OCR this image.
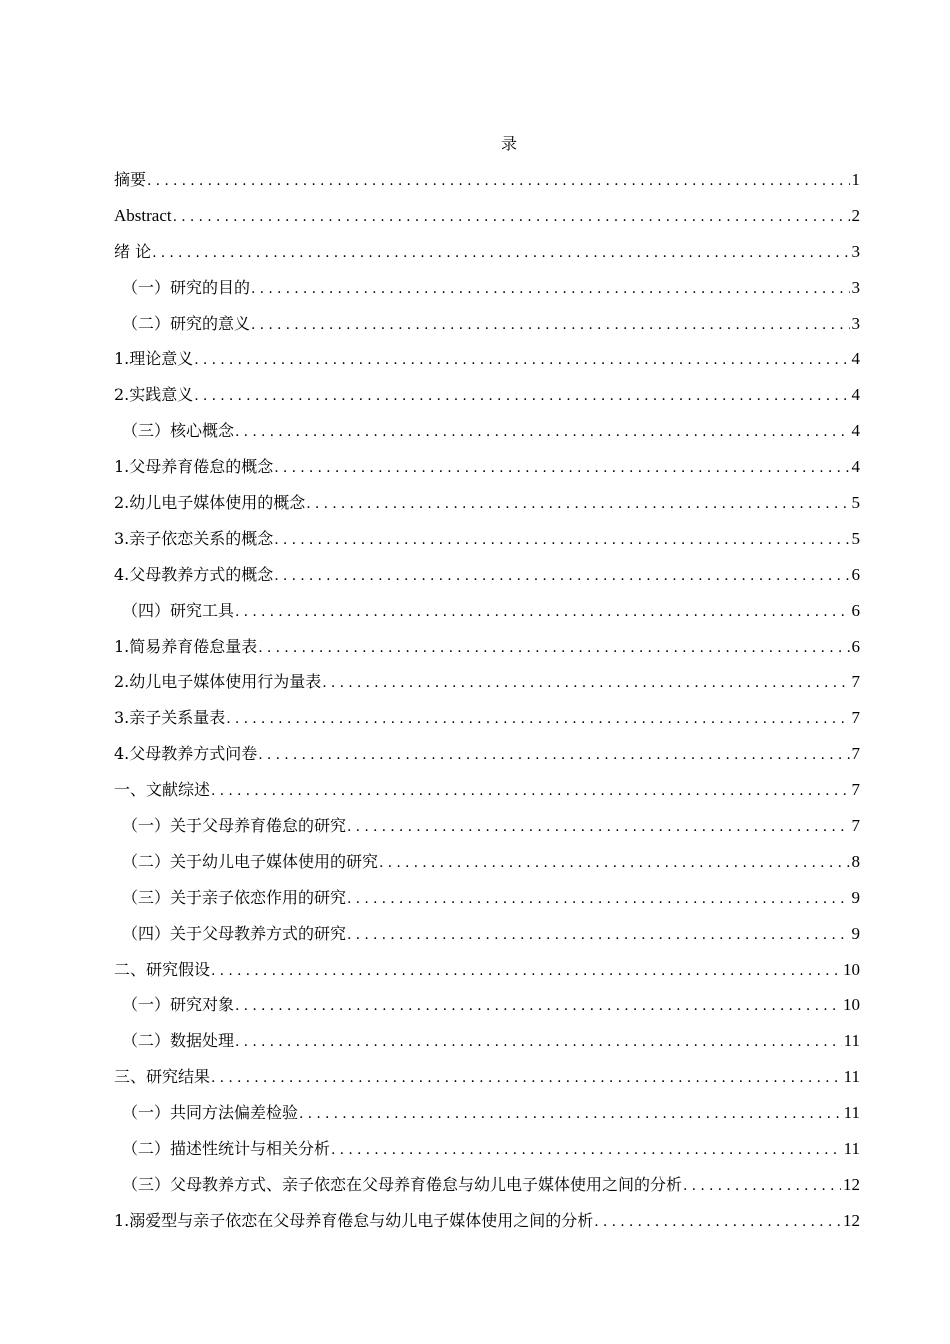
录
摘要 .....	1
Abstract .....	2
绪 论 .....	3
（一）研究的目的 .....	3
（二）研究的意义 .....	3
1.理论意义 .....	4
2.实践意义 .....	4
（三）核心概念 .....	4
1.父母养育倦怠的概念 .....	4
2.幼儿电子媒体使用的概念 .....	5
3.亲子依恋关系的概念 .....	5
4.父母教养方式的概念 .....	6
（四）研究工具 .....	6
1.简易养育倦怠量表 .....	6
2.幼儿电子媒体使用行为量表 .....	7
3.亲子关系量表 .....	7
4.父母教养方式问卷 .....	7
一、文献综述 .....	7
（一）关于父母养育倦怠的研究 .....	7
（二）关于幼儿电子媒体使用的研究 .....	8
（三）关于亲子依恋作用的研究 .....	9
（四）关于父母教养方式的研究 .....	9
二、研究假设 .....	10
（一）研究对象 .....	10
（二）数据处理 .....	11
三、研究结果 .....	11
（一）共同方法偏差检验 .....	11
（二）描述性统计与相关分析 .....	11
（三）父母教养方式、亲子依恋在父母养育倦怠与幼儿电子媒体使用之间的分析 .....	12
1.溺爱型与亲子依恋在父母养育倦怠与幼儿电子媒体使用之间的分析 .....	12
